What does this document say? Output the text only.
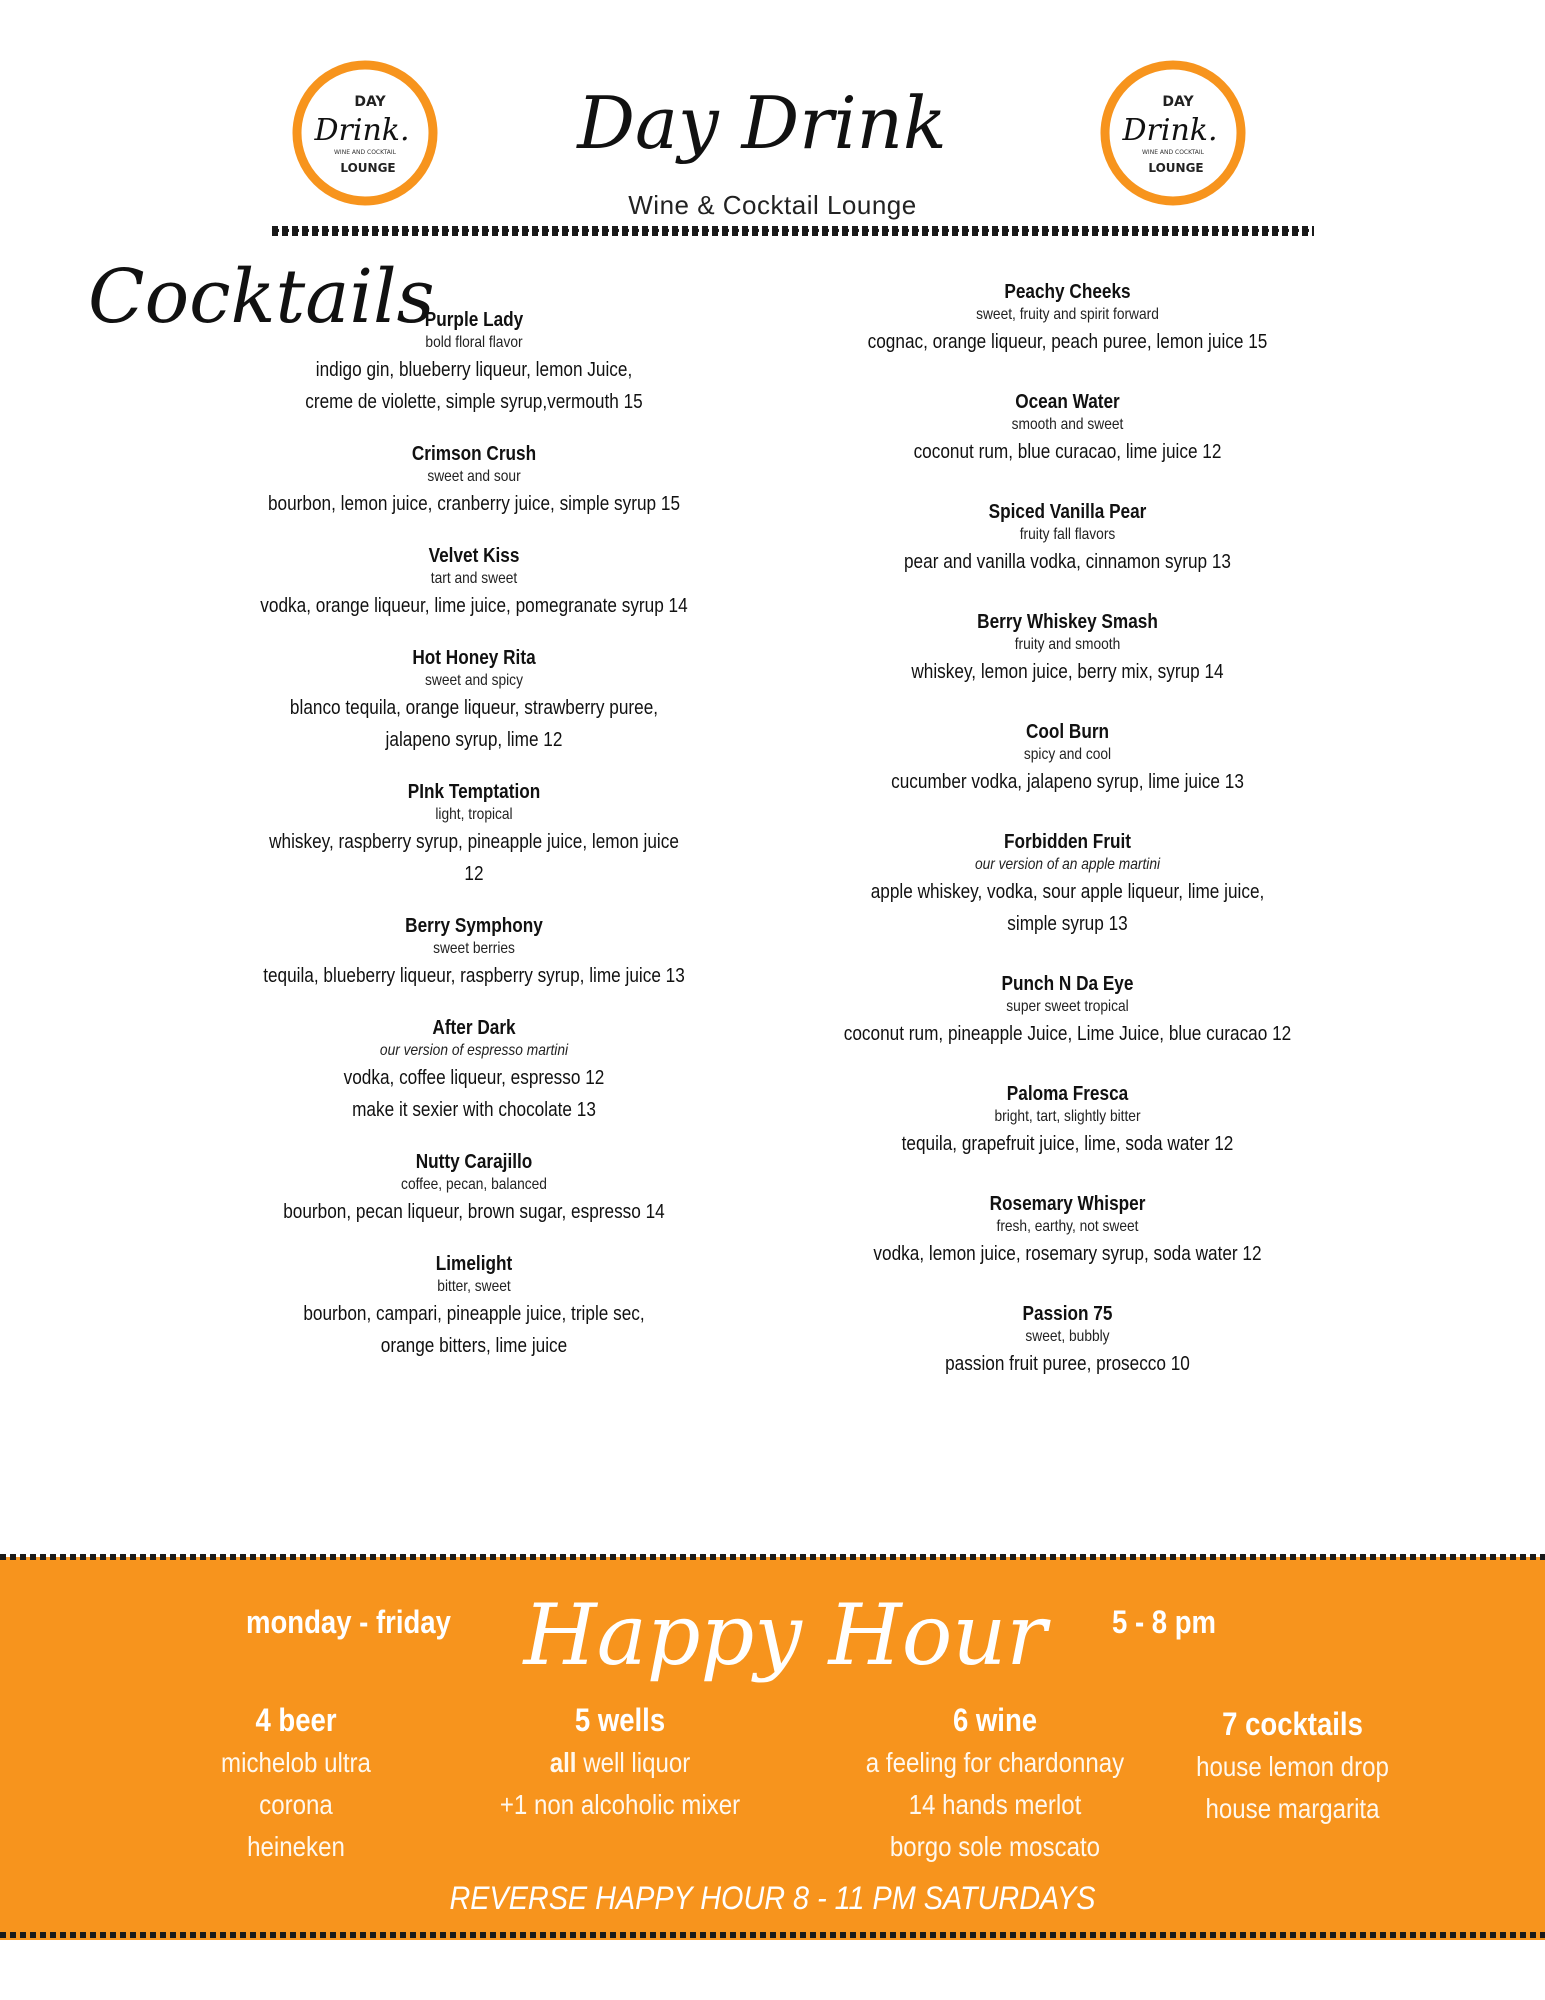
DAY
Drink.
WINE AND COCKTAIL
LOUNGE
DAY
Drink.
WINE AND COCKTAIL
LOUNGE
Day Drink
Wine & Cocktail Lounge
Cocktails
Purple Lady
bold floral flavor
indigo gin, blueberry liqueur, lemon Juice,
creme de violette, simple syrup,vermouth 15
Crimson Crush
sweet and sour
bourbon, lemon juice, cranberry juice, simple syrup 15
Velvet Kiss
tart and sweet
vodka, orange liqueur, lime juice, pomegranate syrup 14
Hot Honey Rita
sweet and spicy
blanco tequila, orange liqueur, strawberry puree,
jalapeno syrup, lime 12
PInk Temptation
light, tropical
whiskey, raspberry syrup, pineapple juice, lemon juice 12
Berry Symphony
sweet berries
tequila, blueberry liqueur, raspberry syrup, lime juice 13
After Dark
our version of espresso martini
vodka, coffee liqueur, espresso 12
make it sexier with chocolate 13
Nutty Carajillo
coffee, pecan, balanced
bourbon, pecan liqueur, brown sugar, espresso 14
Limelight
bitter, sweet
bourbon, campari, pineapple juice, triple sec,
orange bitters, lime juice
Peachy Cheeks
sweet, fruity and spirit forward
cognac, orange liqueur, peach puree, lemon juice 15
Ocean Water
smooth and sweet
coconut rum, blue curacao, lime juice 12
Spiced Vanilla Pear
fruity fall flavors
pear and vanilla vodka, cinnamon syrup 13
Berry Whiskey Smash
fruity and smooth
whiskey, lemon juice, berry mix, syrup 14
Cool Burn
spicy and cool
cucumber vodka, jalapeno syrup, lime juice 13
Forbidden Fruit
our version of an apple martini
apple whiskey, vodka, sour apple liqueur, lime juice,
simple syrup 13
Punch N Da Eye
super sweet tropical
coconut rum, pineapple Juice, Lime Juice, blue curacao 12
Paloma Fresca
bright, tart, slightly bitter
tequila, grapefruit juice, lime, soda water 12
Rosemary Whisper
fresh, earthy, not sweet
vodka, lemon juice, rosemary syrup, soda water 12
Passion 75
sweet, bubbly
passion fruit puree, prosecco 10
monday - friday Happy Hour 5 - 8 pm
4 beer
michelob ultra
corona
heineken
5 wells
all well liquor
+1 non alcoholic mixer
6 wine
a feeling for chardonnay
14 hands merlot
borgo sole moscato
7 cocktails
house lemon drop
house margarita
REVERSE HAPPY HOUR 8 - 11 PM SATURDAYS
